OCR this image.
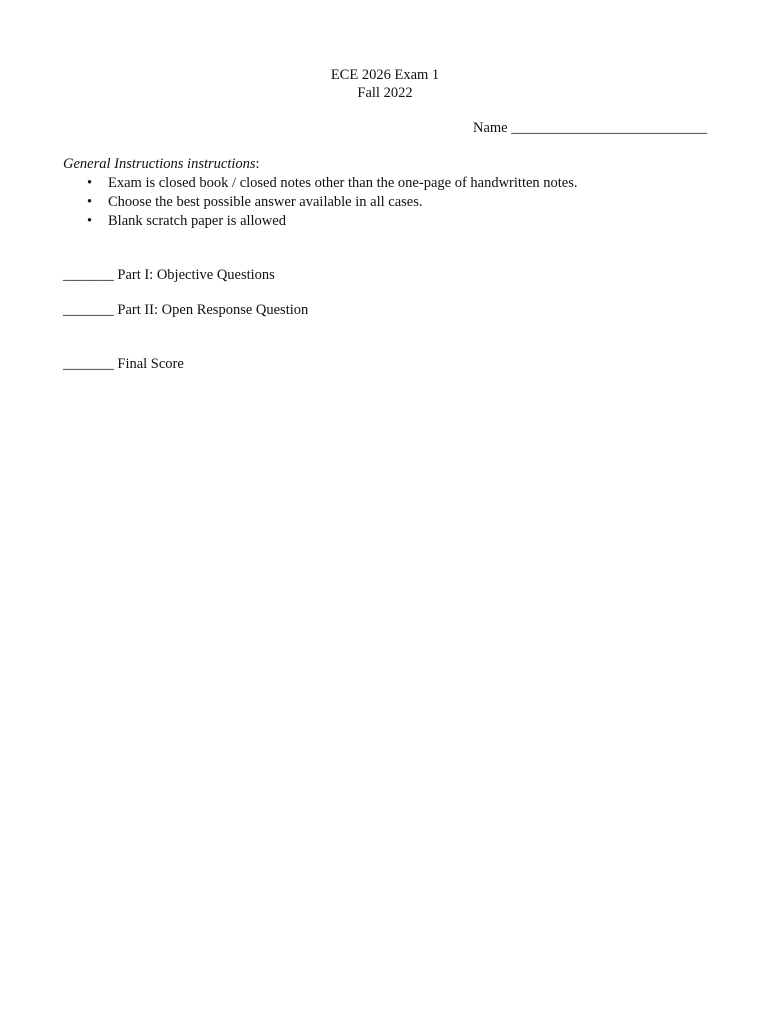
ECE 2026 Exam 1
Fall 2022
Name ___________________________
General Instructions instructions:
• Exam is closed book / closed notes other than the one-page of handwritten notes.
• Choose the best possible answer available in all cases.
• Blank scratch paper is allowed
_______ Part I: Objective Questions
_______ Part II: Open Response Question
_______ Final Score
